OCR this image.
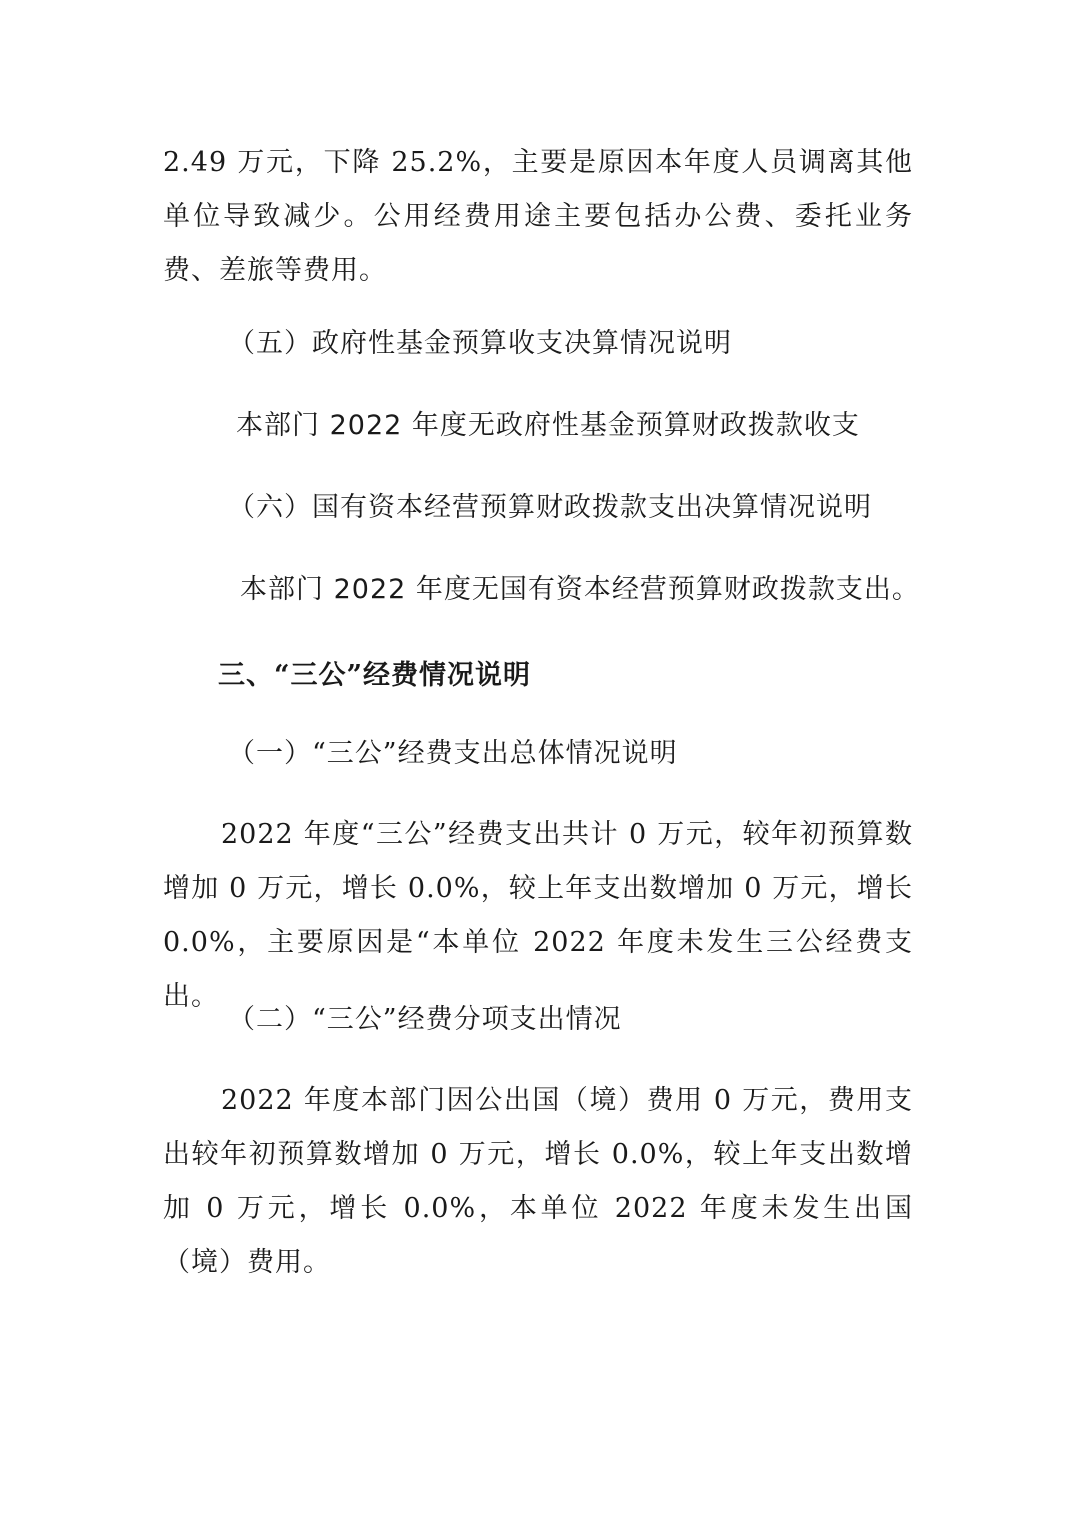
2.49 万元，下降 25.2%，主要是原因本年度人员调离其他单位导致减少。公用经费用途主要包括办公费、委托业务费、差旅等费用。

（五）政府性基金预算收支决算情况说明

本部门 2022 年度无政府性基金预算财政拨款收支

（六）国有资本经营预算财政拨款支出决算情况说明

本部门 2022 年度无国有资本经营预算财政拨款支出。

三、“三公”经费情况说明

（一）“三公”经费支出总体情况说明

2022 年度“三公”经费支出共计 0 万元，较年初预算数增加 0 万元，增长 0.0%，较上年支出数增加 0 万元，增长 0.0%，主要原因是“本单位 2022 年度未发生三公经费支出。

（二）“三公”经费分项支出情况

2022 年度本部门因公出国（境）费用 0 万元，费用支出较年初预算数增加 0 万元，增长 0.0%，较上年支出数增加 0 万元，增长 0.0%，本单位 2022 年度未发生出国（境）费用。
